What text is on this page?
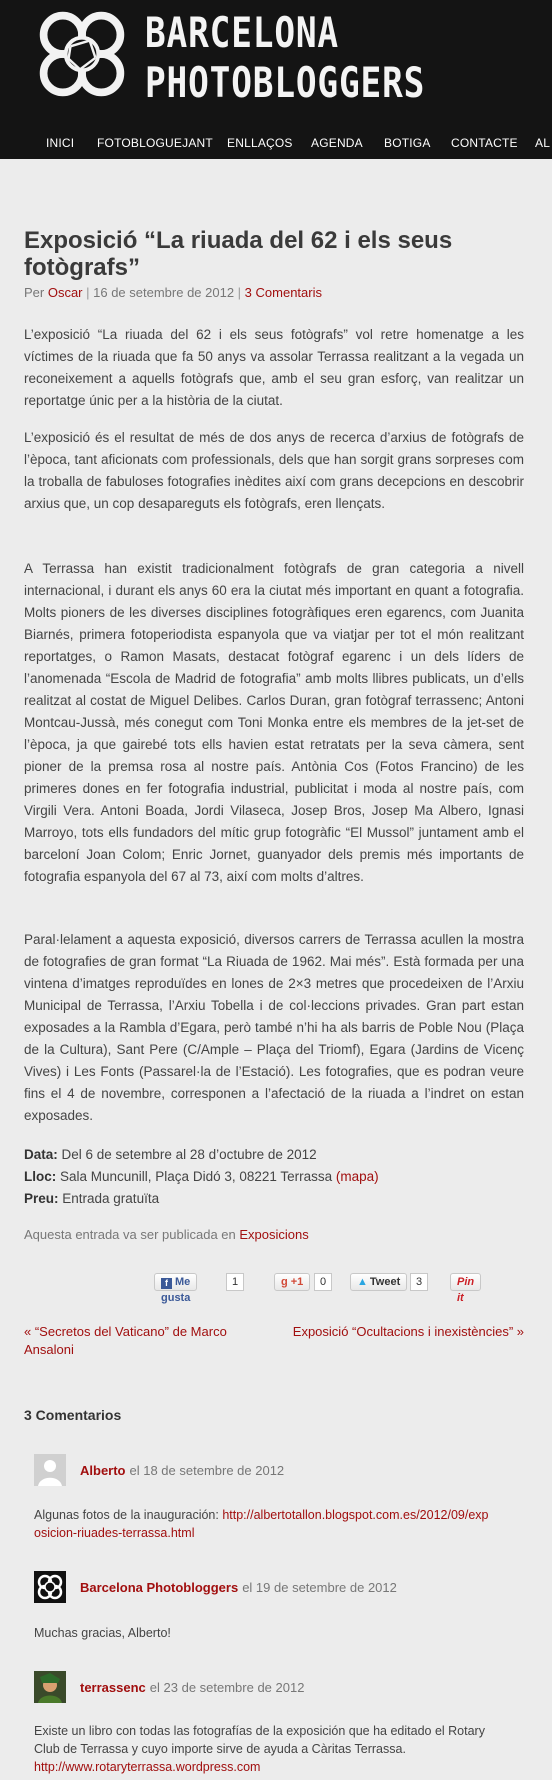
BARCELONA
PHOTOBLOGGERS
INICI FOTOBLOGUEJANT ENLLAÇOS AGENDA BOTIGA CONTACTE AL
Exposició “La riuada del 62 i els seus fotògrafs”
Per Oscar | 16 de setembre de 2012 | 3 Comentaris

L’exposició “La riuada del 62 i els seus fotògrafs” vol retre homenatge a les víctimes de la riuada que fa 50 anys va assolar Terrassa realitzant a la vegada un reconeixement a aquells fotògrafs que, amb el seu gran esforç, van realitzar un reportatge únic per a la història de la ciutat.

L’exposició és el resultat de més de dos anys de recerca d’arxius de fotògrafs de l’època, tant aficionats com professionals, dels que han sorgit grans sorpreses com la troballa de fabuloses fotografies inèdites així com grans decepcions en descobrir arxius que, un cop desapareguts els fotògrafs, eren llençats.

A Terrassa han existit tradicionalment fotògrafs de gran categoria a nivell internacional, i durant els anys 60 era la ciutat més important en quant a fotografia. Molts pioners de les diverses disciplines fotogràfiques eren egarencs, com Juanita Biarnés, primera fotoperiodista espanyola que va viatjar per tot el món realitzant reportatges, o Ramon Masats, destacat fotògraf egarenc i un dels líders de l’anomenada “Escola de Madrid de fotografia” amb molts llibres publicats, un d’ells realitzat al costat de Miguel Delibes. Carlos Duran, gran fotògraf terrassenc; Antoni Montcau-Jussà, més conegut com Toni Monka entre els membres de la jet-set de l’època, ja que gairebé tots ells havien estat retratats per la seva càmera, sent pioner de la premsa rosa al nostre país. Antònia Cos (Fotos Francino) de les primeres dones en fer fotografia industrial, publicitat i moda al nostre país, com Virgili Vera. Antoni Boada, Jordi Vilaseca, Josep Bros, Josep Ma Albero, Ignasi Marroyo, tots ells fundadors del mític grup fotogràfic “El Mussol” juntament amb el barceloní Joan Colom; Enric Jornet, guanyador dels premis més importants de fotografia espanyola del 67 al 73, així com molts d’altres.

Paral·lelament a aquesta exposició, diversos carrers de Terrassa acullen la mostra de fotografies de gran format “La Riuada de 1962. Mai més”. Està formada per una vintena d’imatges reproduïdes en lones de 2×3 metres que procedeixen de l’Arxiu Municipal de Terrassa, l’Arxiu Tobella i de col·leccions privades. Gran part estan exposades a la Rambla d’Egara, però també n’hi ha als barris de Poble Nou (Plaça de la Cultura), Sant Pere (C/Ample – Plaça del Triomf), Egara (Jardins de Vicenç Vives) i Les Fonts (Passarel·la de l’Estació). Les fotografies, que es podran veure fins el 4 de novembre, corresponen a l’afectació de la riuada a l’indret on estan exposades.

Data: Del 6 de setembre al 28 d’octubre de 2012
Lloc: Sala Muncunill, Plaça Didó 3, 08221 Terrassa (mapa)
Preu: Entrada gratuïta
Aquesta entrada va ser publicada en Exposicions
f Me gusta
1	g +1	0	▲ Tweet	3	Pin it
« “Secretos del Vaticano” de Marco Ansaloni
Exposició “Ocultacions i inexistències” »
3 Comentarios
Alberto el 18 de setembre de 2012
Algunas fotos de la inauguración: http://albertotallon.blogspot.com.es/2012/09/exposicion-riuades-terrassa.html
Barcelona Photobloggers el 19 de setembre de 2012
Muchas gracias, Alberto!
terrassenc el 23 de setembre de 2012
Existe un libro con todas las fotografías de la exposición que ha editado el Rotary Club de Terrassa y cuyo importe sirve de ayuda a Càritas Terrassa.
http://www.rotaryterrassa.wordpress.com
